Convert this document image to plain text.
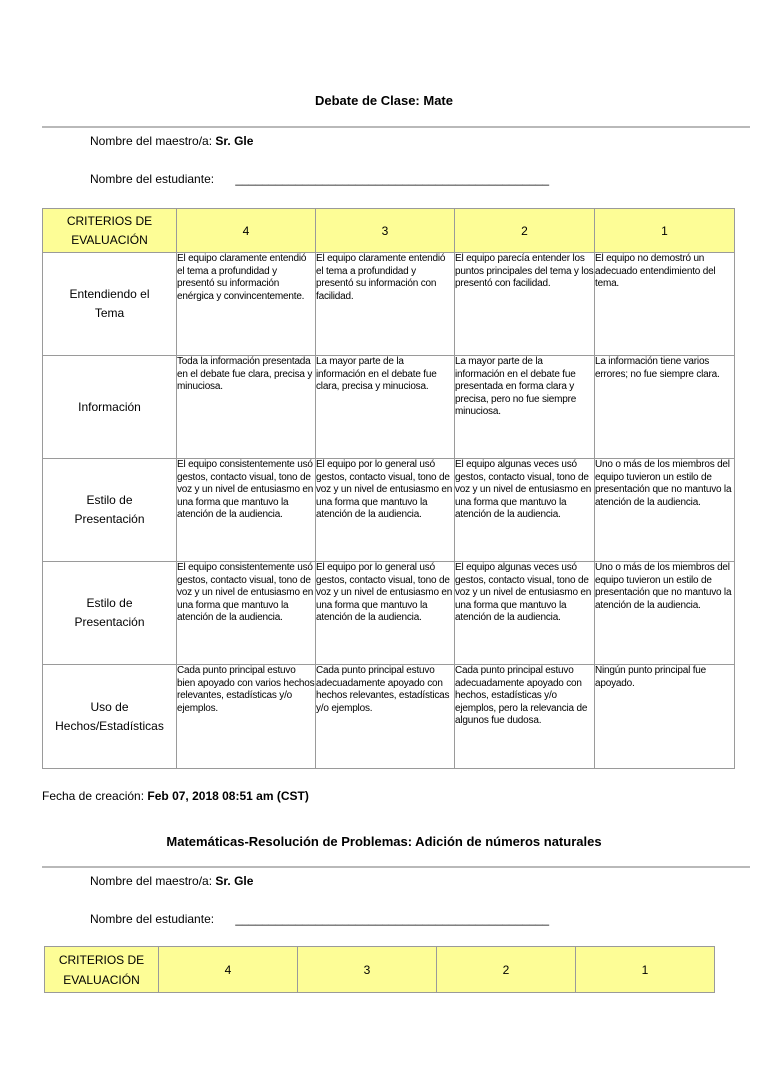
Debate de Clase: Mate
Nombre del maestro/a: Sr. Gle
Nombre del estudiante: _______________________________________________
CRITERIOS DE EVALUACIÓN	4	3	2	1
Entendiendo el Tema	El equipo claramente entendió el tema a profundidad y presentó su información enérgica y convincentemente.	El equipo claramente entendió el tema a profundidad y presentó su información con facilidad.	El equipo parecía entender los puntos principales del tema y los presentó con facilidad.	El equipo no demostró un adecuado entendimiento del tema.
Información	Toda la información presentada en el debate fue clara, precisa y minuciosa.	La mayor parte de la información en el debate fue clara, precisa y minuciosa.	La mayor parte de la información en el debate fue presentada en forma clara y precisa, pero no fue siempre minuciosa.	La información tiene varios errores; no fue siempre clara.
Estilo de Presentación	El equipo consistentemente usó gestos, contacto visual, tono de voz y un nivel de entusiasmo en una forma que mantuvo la atención de la audiencia.	El equipo por lo general usó gestos, contacto visual, tono de voz y un nivel de entusiasmo en una forma que mantuvo la atención de la audiencia.	El equipo algunas veces usó gestos, contacto visual, tono de voz y un nivel de entusiasmo en una forma que mantuvo la atención de la audiencia.	Uno o más de los miembros del equipo tuvieron un estilo de presentación que no mantuvo la atención de la audiencia.
Estilo de Presentación	El equipo consistentemente usó gestos, contacto visual, tono de voz y un nivel de entusiasmo en una forma que mantuvo la atención de la audiencia.	El equipo por lo general usó gestos, contacto visual, tono de voz y un nivel de entusiasmo en una forma que mantuvo la atención de la audiencia.	El equipo algunas veces usó gestos, contacto visual, tono de voz y un nivel de entusiasmo en una forma que mantuvo la atención de la audiencia.	Uno o más de los miembros del equipo tuvieron un estilo de presentación que no mantuvo la atención de la audiencia.
Uso de Hechos/Estadísticas	Cada punto principal estuvo bien apoyado con varios hechos relevantes, estadísticas y/o ejemplos.	Cada punto principal estuvo adecuadamente apoyado con hechos relevantes, estadísticas y/o ejemplos.	Cada punto principal estuvo adecuadamente apoyado con hechos, estadísticas y/o ejemplos, pero la relevancia de algunos fue dudosa.	Ningún punto principal fue apoyado.
Fecha de creación: Feb 07, 2018 08:51 am (CST)
Matemáticas-Resolución de Problemas: Adición de números naturales
Nombre del maestro/a: Sr. Gle
Nombre del estudiante: _______________________________________________
CRITERIOS DE EVALUACIÓN	4	3	2	1
